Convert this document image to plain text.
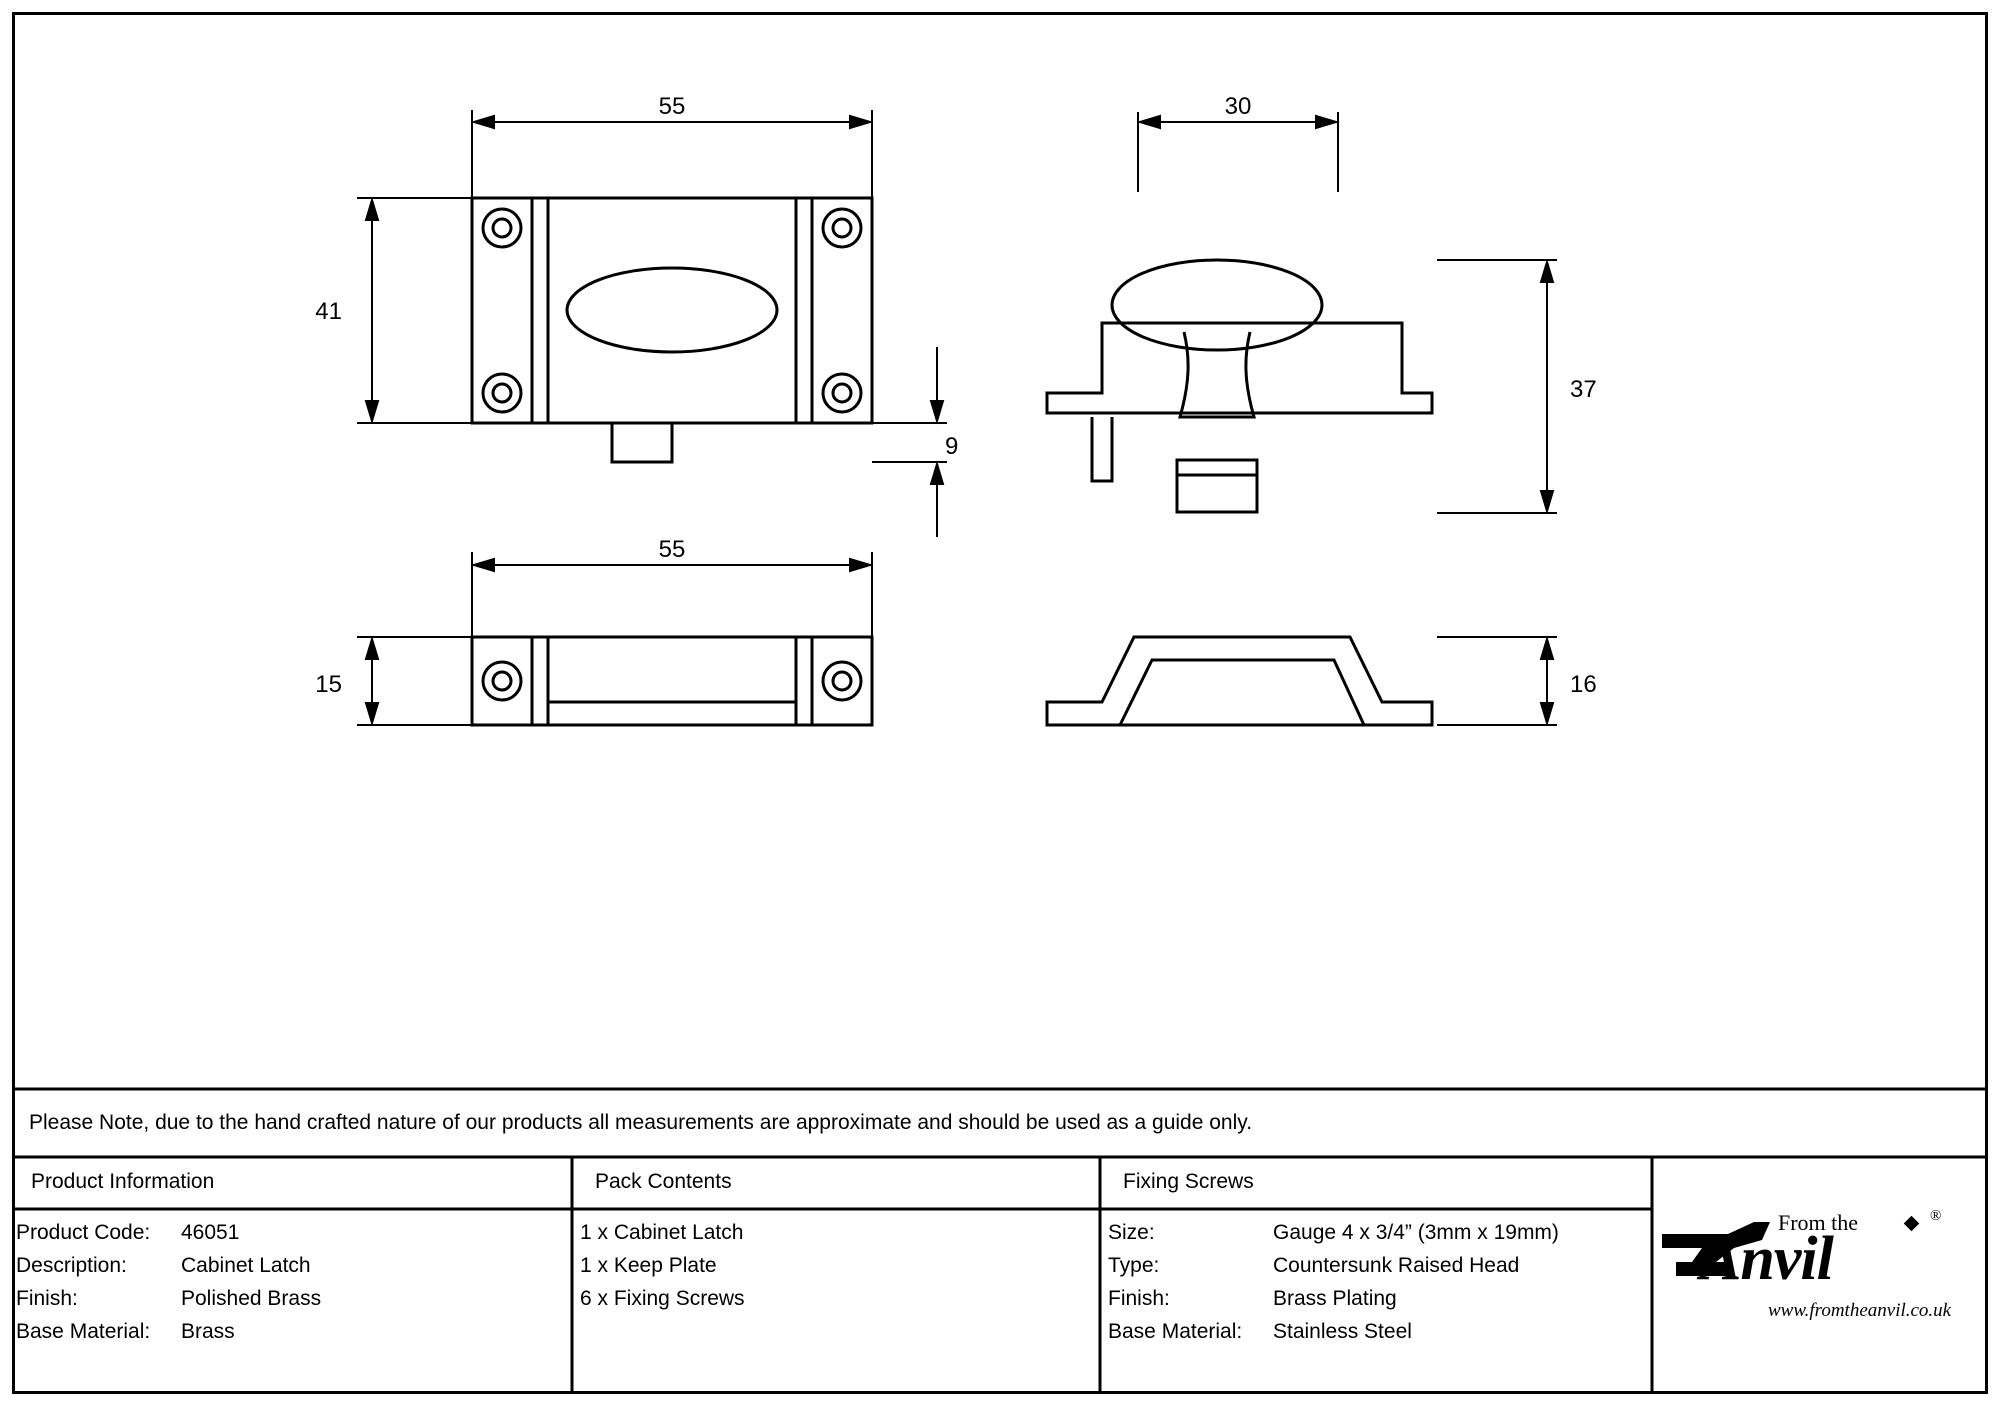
55
41
9
30
37
55
15	16
Please Note, due to the hand crafted nature of our products all measurements are approximate and should be used as a guide only.
Product Information	Pack Contents	Fixing Screws
Product Code:	46051
Description:	Cabinet Latch
Finish:	Polished Brass
Base Material:	Brass
1 x Cabinet Latch
1 x Keep Plate
6 x Fixing Screws
Size:	Gauge 4 x 3/4” (3mm x 19mm)
Type:	Countersunk Raised Head
Finish:	Brass Plating
Base Material:	Stainless Steel
From the	®
Anvil
www.fromtheanvil.co.uk
